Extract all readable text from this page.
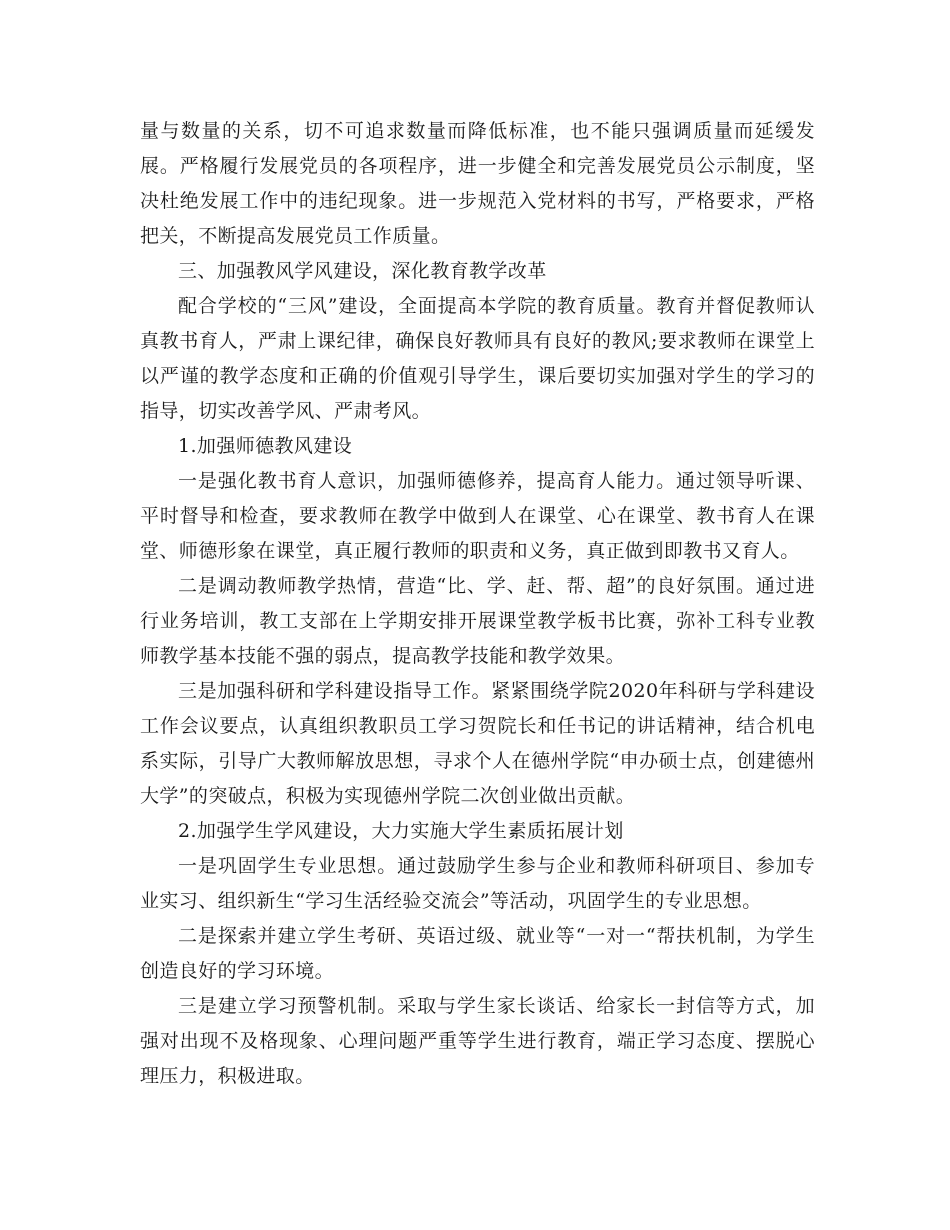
量与数量的关系，切不可追求数量而降低标准，也不能只强调质量而延缓发展。严格履行发展党员的各项程序，进一步健全和完善发展党员公示制度，坚决杜绝发展工作中的违纪现象。进一步规范入党材料的书写，严格要求，严格把关，不断提高发展党员工作质量。

三、加强教风学风建设，深化教育教学改革

配合学校的“三风”建设，全面提高本学院的教育质量。教育并督促教师认真教书育人，严肃上课纪律，确保良好教师具有良好的教风;要求教师在课堂上以严谨的教学态度和正确的价值观引导学生，课后要切实加强对学生的学习的指导，切实改善学风、严肃考风。

1.加强师德教风建设

一是强化教书育人意识，加强师德修养，提高育人能力。通过领导听课、平时督导和检查，要求教师在教学中做到人在课堂、心在课堂、教书育人在课堂、师德形象在课堂，真正履行教师的职责和义务，真正做到即教书又育人。

二是调动教师教学热情，营造“比、学、赶、帮、超”的良好氛围。通过进行业务培训，教工支部在上学期安排开展课堂教学板书比赛，弥补工科专业教师教学基本技能不强的弱点，提高教学技能和教学效果。

三是加强科研和学科建设指导工作。紧紧围绕学院2020年科研与学科建设工作会议要点，认真组织教职员工学习贺院长和任书记的讲话精神，结合机电系实际，引导广大教师解放思想，寻求个人在德州学院“申办硕士点，创建德州大学”的突破点，积极为实现德州学院二次创业做出贡献。

2.加强学生学风建设，大力实施大学生素质拓展计划

一是巩固学生专业思想。通过鼓励学生参与企业和教师科研项目、参加专业实习、组织新生“学习生活经验交流会”等活动，巩固学生的专业思想。

二是探索并建立学生考研、英语过级、就业等“一对一“帮扶机制，为学生创造良好的学习环境。

三是建立学习预警机制。采取与学生家长谈话、给家长一封信等方式，加强对出现不及格现象、心理问题严重等学生进行教育，端正学习态度、摆脱心理压力，积极进取。
